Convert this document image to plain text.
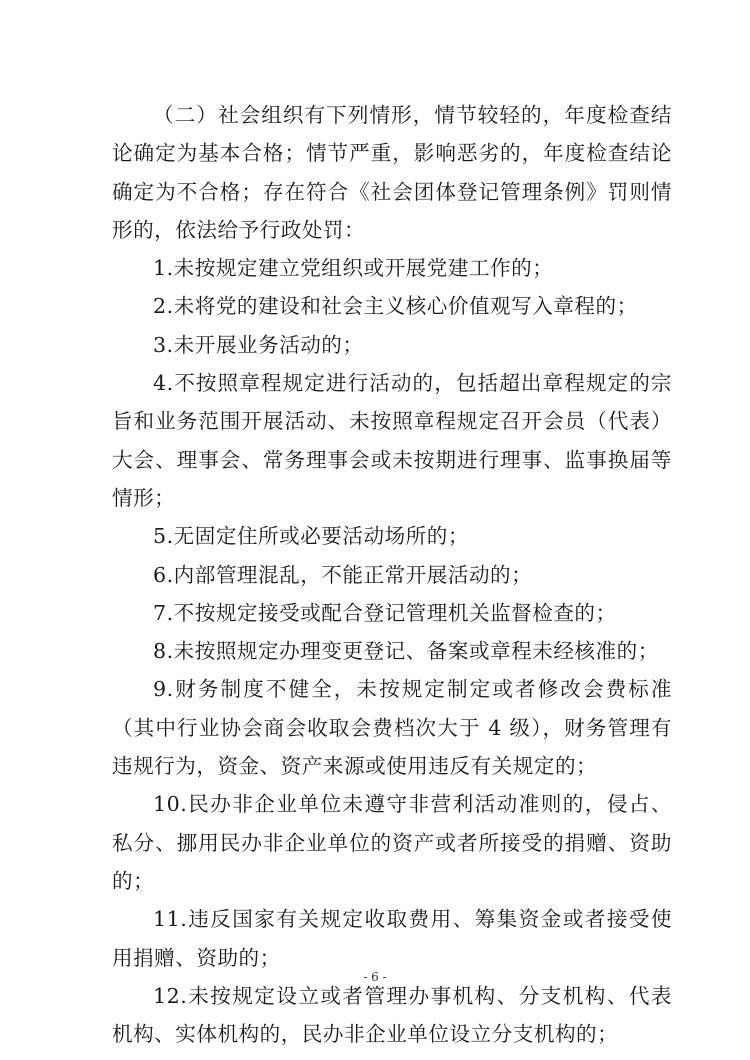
（二）社会组织有下列情形，情节较轻的，年度检查结论确定为基本合格；情节严重，影响恶劣的，年度检查结论确定为不合格；存在符合《社会团体登记管理条例》罚则情形的，依法给予行政处罚：

1.未按规定建立党组织或开展党建工作的；

2.未将党的建设和社会主义核心价值观写入章程的；

3.未开展业务活动的；

4.不按照章程规定进行活动的，包括超出章程规定的宗旨和业务范围开展活动、未按照章程规定召开会员（代表）大会、理事会、常务理事会或未按期进行理事、监事换届等情形；

5.无固定住所或必要活动场所的；

6.内部管理混乱，不能正常开展活动的；

7.不按规定接受或配合登记管理机关监督检查的；

8.未按照规定办理变更登记、备案或章程未经核准的；

9.财务制度不健全，未按规定制定或者修改会费标准（其中行业协会商会收取会费档次大于 4 级），财务管理有违规行为，资金、资产来源或使用违反有关规定的；

10.民办非企业单位未遵守非营利活动准则的，侵占、私分、挪用民办非企业单位的资产或者所接受的捐赠、资助的；

11.违反国家有关规定收取费用、筹集资金或者接受使用捐赠、资助的；

12.未按规定设立或者管理办事机构、分支机构、代表机构、实体机构的，民办非企业单位设立分支机构的；

- 6 -
